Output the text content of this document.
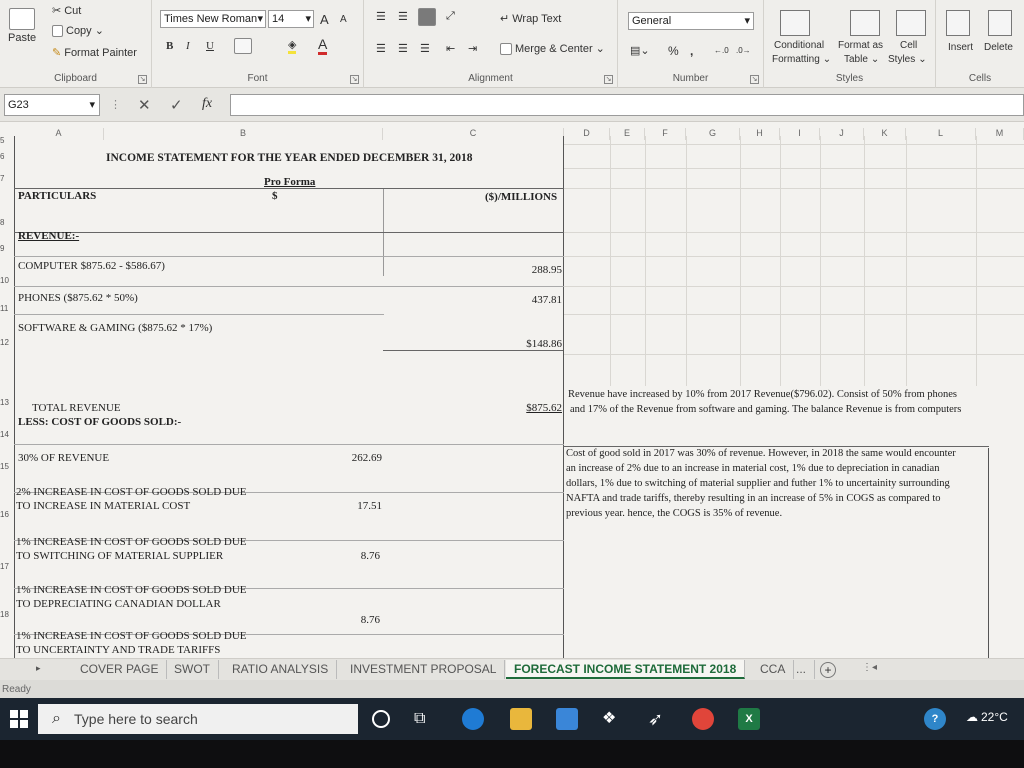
Paste
✂ Cut
Copy ⌄
✎ Format Painter
Clipboard	↘
Times New Roman ▾ 14 ▾ A A
B I U	◈ A
Font	↘
☰ ☰	⤢	↵ Wrap Text
☰ ☰ ☰ ⇤ ⇥	Merge & Center ⌄
Alignment	↘
General	▾
▤⌄ % ,	←.0 .0→
Number	↘
Conditional
Formatting ⌄
Format as
Table ⌄
Cell
Styles ⌄
Styles
Insert Delete
Cells
G23	▾ ⋮ ✕ ✓ fx
A	B	C	D	E	F	G	H	I	J	K	L	M
5
6
7
8
9
10
11
12
13
14
15
16
17
18
INCOME STATEMENT FOR THE YEAR ENDED DECEMBER 31, 2018
Pro Forma
PARTICULARS	$	($)/MILLIONS
REVENUE:-
COMPUTER $875.62 - $586.67)	288.95
PHONES ($875.62 * 50%)	437.81
SOFTWARE & GAMING ($875.62 * 17%)
$148.86
TOTAL REVENUE	$875.62
LESS: COST OF GOODS SOLD:-
30% OF REVENUE	262.69
2% INCREASE IN COST OF GOODS SOLD DUE
TO INCREASE IN MATERIAL COST	17.51
1% INCREASE IN COST OF GOODS SOLD DUE
TO SWITCHING OF MATERIAL SUPPLIER	8.76
1% INCREASE IN COST OF GOODS SOLD DUE
TO DEPRECIATING CANADIAN DOLLAR
8.76
1% INCREASE IN COST OF GOODS SOLD DUE
TO UNCERTAINTY AND TRADE TARIFFS
Revenue have increased by 10% from 2017 Revenue($796.02). Consist of 50% from phones
and 17% of the Revenue from software and gaming. The balance Revenue is from computers
Cost of good sold in 2017 was 30% of revenue. However, in 2018 the same would encounter
an increase of 2% due to an increase in material cost, 1% due to depreciation in canadian
dollars, 1% due to switching of material supplier and futher 1% to uncertainity surrounding
NAFTA and trade tariffs, thereby resulting in an increase of 5% in COGS as compared to
previous year. hence, the COGS is 35% of revenue.
▸	COVER PAGE	SWOT	RATIO ANALYSIS	INVESTMENT PROPOSAL	FORECAST INCOME STATEMENT 2018	CCA ...	+	⋮◂
Ready
⌕ Type here to search	⧉	❖	➶	X	?	☁ 22°C
